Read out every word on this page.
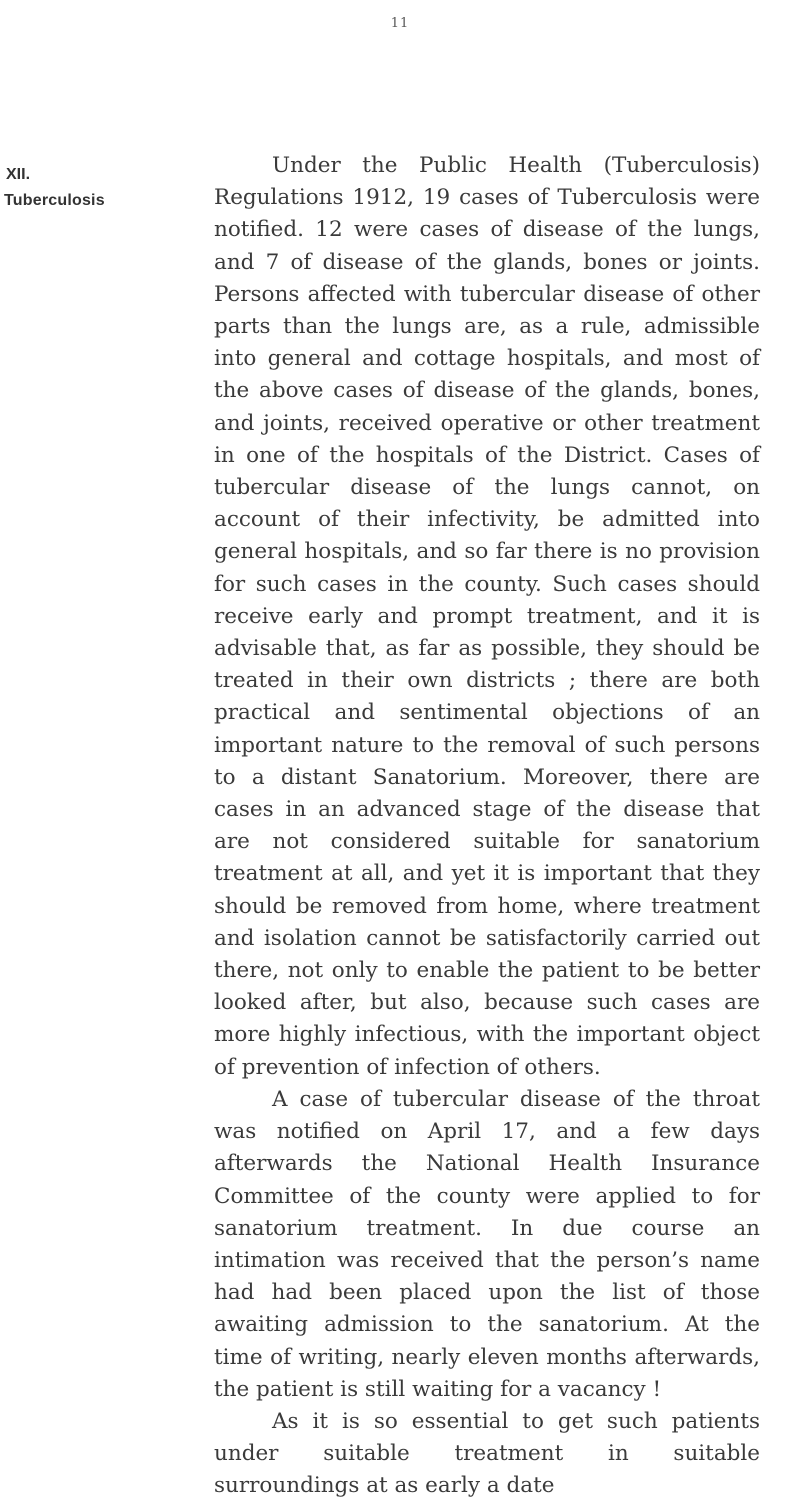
11
XII.
Tuberculosis

Under the Public Health (Tuberculosis) Regulations 1912, 19 cases of Tuberculosis were notified. 12 were cases of disease of the lungs, and 7 of disease of the glands, bones or joints. Persons affected with tubercular disease of other parts than the lungs are, as a rule, admissible into general and cottage hospitals, and most of the above cases of disease of the glands, bones, and joints, received operative or other treatment in one of the hospitals of the District. Cases of tubercular disease of the lungs cannot, on account of their infectivity, be admitted into general hospitals, and so far there is no provision for such cases in the county. Such cases should receive early and prompt treatment, and it is advisable that, as far as possible, they should be treated in their own districts ; there are both practical and sentimental objections of an important nature to the removal of such persons to a distant Sanatorium. Moreover, there are cases in an advanced stage of the disease that are not considered suitable for sanatorium treatment at all, and yet it is important that they should be removed from home, where treatment and isolation cannot be satisfactorily carried out there, not only to enable the patient to be better looked after, but also, because such cases are more highly infectious, with the important object of prevention of infection of others.

A case of tubercular disease of the throat was notified on April 17, and a few days afterwards the National Health Insurance Committee of the county were applied to for sanatorium treatment. In due course an intimation was received that the person’s name had had been placed upon the list of those awaiting admission to the sanatorium. At the time of writing, nearly eleven months afterwards, the patient is still waiting for a vacancy !

As it is so essential to get such patients under suitable treatment in suitable surroundings at as early a date
